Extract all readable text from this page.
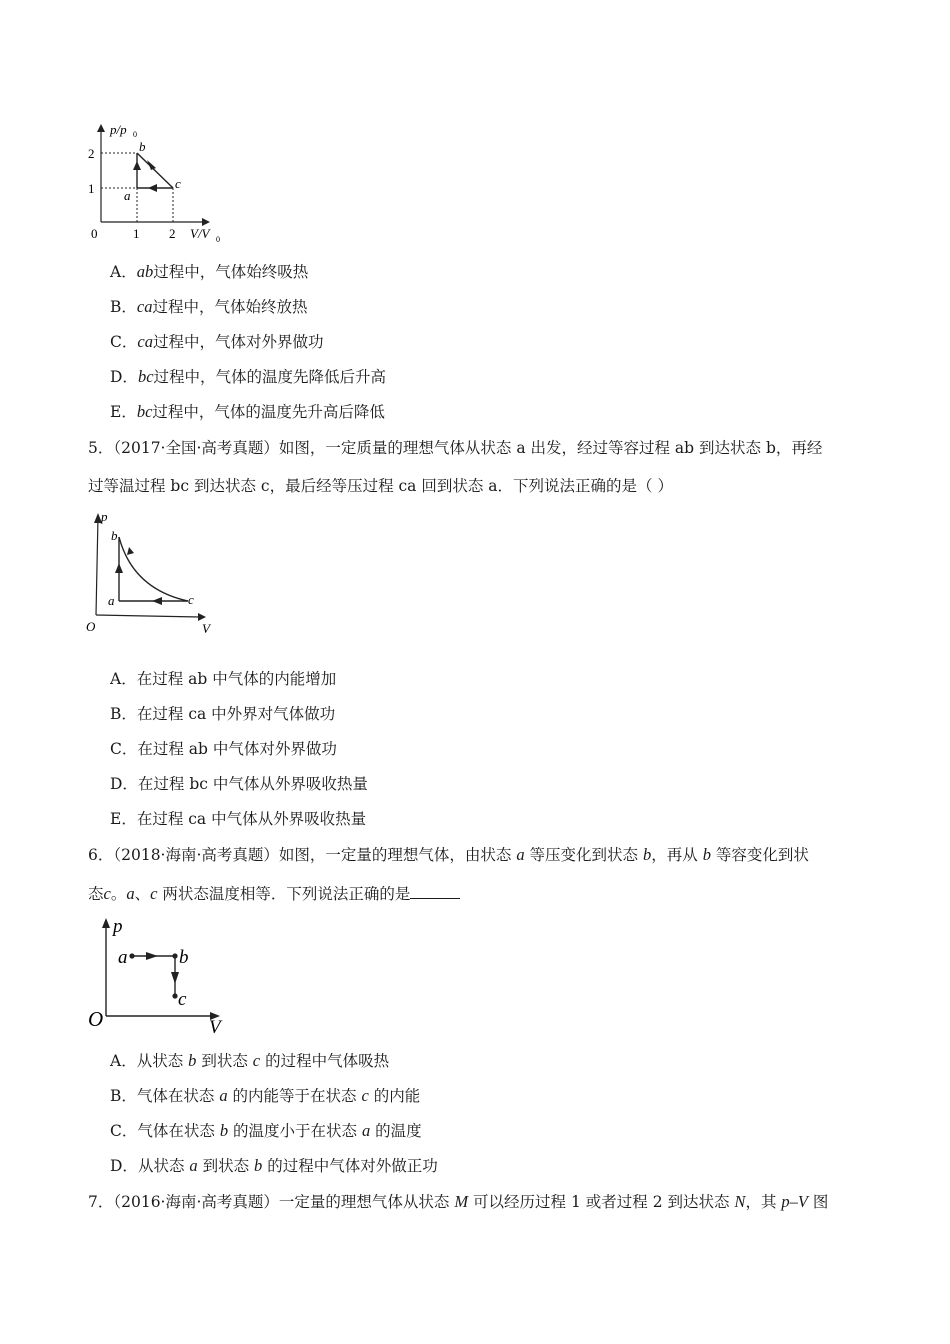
p/p 0
V/V 0
0
2
1
1 2
a
b
c
A．ab过程中，气体始终吸热
B．ca过程中，气体始终放热
C．ca过程中，气体对外界做功
D．bc过程中，气体的温度先降低后升高
E．bc过程中，气体的温度先升高后降低
5．（2017·全国·高考真题）如图，一定质量的理想气体从状态 a 出发，经过等容过程 ab 到达状态 b，再经
过等温过程 bc 到达状态 c，最后经等压过程 ca 回到状态 a．下列说法正确的是（ ）
p
V
O
a
b
c
A．在过程 ab 中气体的内能增加
B．在过程 ca 中外界对气体做功
C．在过程 ab 中气体对外界做功
D．在过程 bc 中气体从外界吸收热量
E．在过程 ca 中气体从外界吸收热量
6．（2018·海南·高考真题）如图，一定量的理想气体，由状态 a 等压变化到状态 b，再从 b 等容变化到状
态c。a、c 两状态温度相等．下列说法正确的是
p
V
O
a	b
c
A．从状态 b 到状态 c 的过程中气体吸热
B．气体在状态 a 的内能等于在状态 c 的内能
C．气体在状态 b 的温度小于在状态 a 的温度
D．从状态 a 到状态 b 的过程中气体对外做正功
7．（2016·海南·高考真题）一定量的理想气体从状态 M 可以经历过程 1 或者过程 2 到达状态 N，其 p–V 图
